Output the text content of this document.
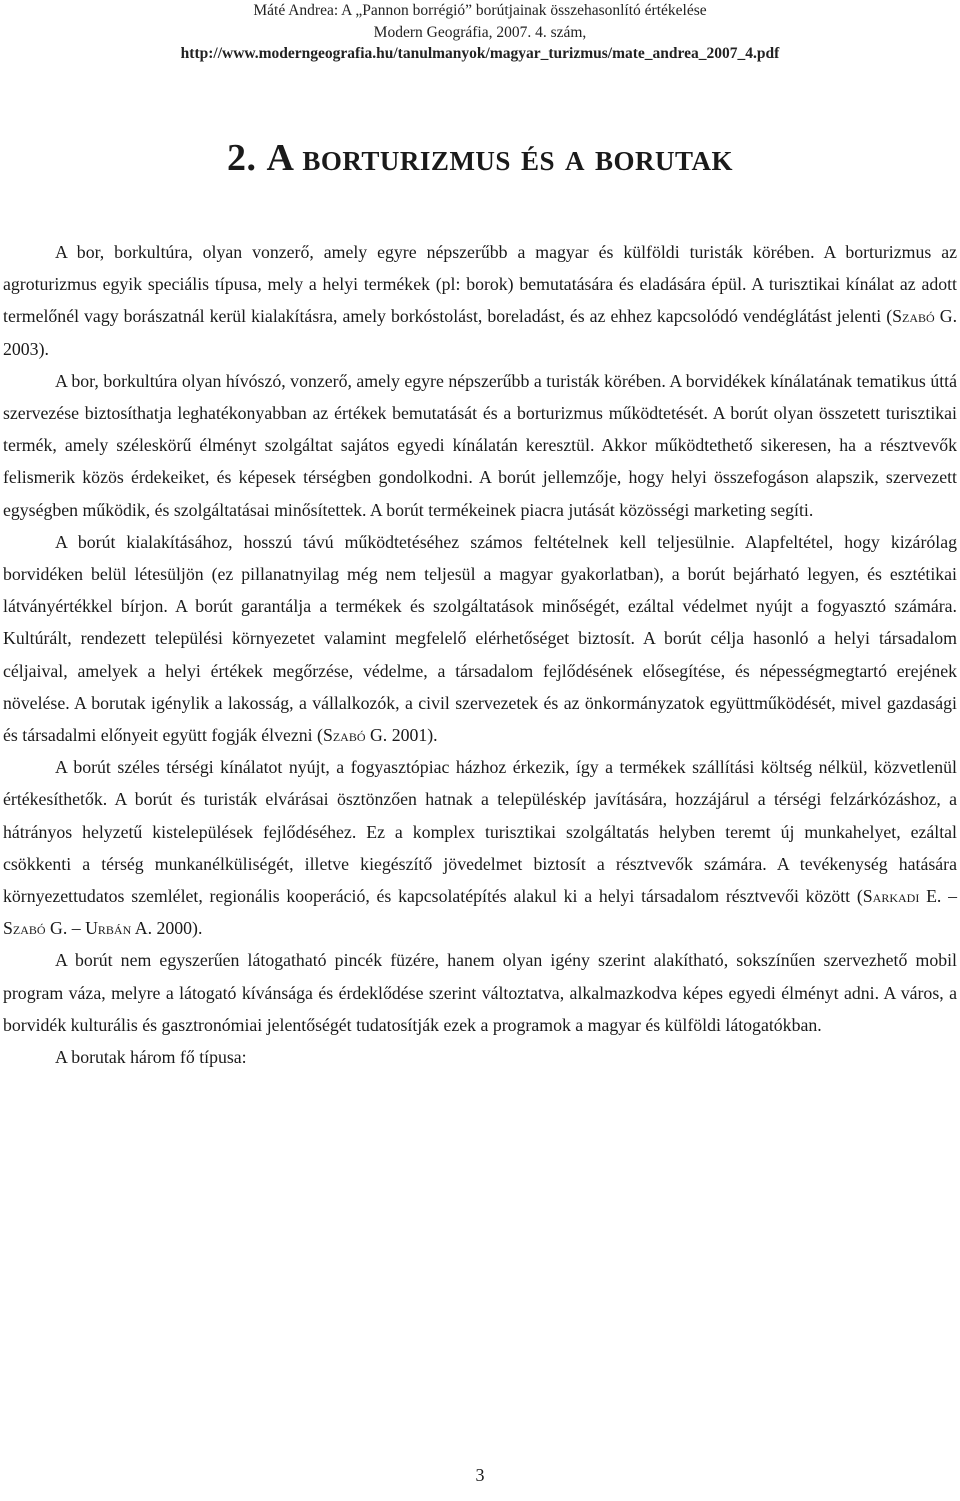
Máté Andrea: A „Pannon borrégió” borútjainak összehasonlító értékelése
Modern Geográfia, 2007. 4. szám,
http://www.moderngeografia.hu/tanulmanyok/magyar_turizmus/mate_andrea_2007_4.pdf
2. A borturizmus és a borutak

A bor, borkultúra, olyan vonzerő, amely egyre népszerűbb a magyar és külföldi turisták körében. A borturizmus az agroturizmus egyik speciális típusa, mely a helyi termékek (pl: borok) bemutatására és eladására épül. A turisztikai kínálat az adott termelőnél vagy borászatnál kerül kialakításra, amely borkóstolást, boreladást, és az ehhez kapcsolódó vendéglátást jelenti (Szabó G. 2003).

A bor, borkultúra olyan hívószó, vonzerő, amely egyre népszerűbb a turisták körében. A borvidékek kínálatának tematikus úttá szervezése biztosíthatja leghatékonyabban az értékek bemutatását és a borturizmus működtetését. A borút olyan összetett turisztikai termék, amely széleskörű élményt szolgáltat sajátos egyedi kínálatán keresztül. Akkor működtethető sikeresen, ha a résztvevők felismerik közös érdekeiket, és képesek térségben gondolkodni. A borút jellemzője, hogy helyi összefogáson alapszik, szervezett egységben működik, és szolgáltatásai minősítettek. A borút termékeinek piacra jutását közösségi marketing segíti.

A borút kialakításához, hosszú távú működtetéséhez számos feltételnek kell teljesülnie. Alapfeltétel, hogy kizárólag borvidéken belül létesüljön (ez pillanatnyilag még nem teljesül a magyar gyakorlatban), a borút bejárható legyen, és esztétikai látványértékkel bírjon. A borút garantálja a termékek és szolgáltatások minőségét, ezáltal védelmet nyújt a fogyasztó számára. Kultúrált, rendezett települési környezetet valamint megfelelő elérhetőséget biztosít. A borút célja hasonló a helyi társadalom céljaival, amelyek a helyi értékek megőrzése, védelme, a társadalom fejlődésének elősegítése, és népességmegtartó erejének növelése. A borutak igénylik a lakosság, a vállalkozók, a civil szervezetek és az önkormányzatok együttműködését, mivel gazdasági és társadalmi előnyeit együtt fogják élvezni (Szabó G. 2001).

A borút széles térségi kínálatot nyújt, a fogyasztópiac házhoz érkezik, így a termékek szállítási költség nélkül, közvetlenül értékesíthetők. A borút és turisták elvárásai ösztönzően hatnak a településkép javítására, hozzájárul a térségi felzárkózáshoz, a hátrányos helyzetű kistelepülések fejlődéséhez. Ez a komplex turisztikai szolgáltatás helyben teremt új munkahelyet, ezáltal csökkenti a térség munkanélküliségét, illetve kiegészítő jövedelmet biztosít a résztvevők számára. A tevékenység hatására környezettudatos szemlélet, regionális kooperáció, és kapcsolatépítés alakul ki a helyi társadalom résztvevői között (Sarkadi E. – Szabó G. – Urbán A. 2000).

A borút nem egyszerűen látogatható pincék füzére, hanem olyan igény szerint alakítható, sokszínűen szervezhető mobil program váza, melyre a látogató kívánsága és érdeklődése szerint változtatva, alkalmazkodva képes egyedi élményt adni. A város, a borvidék kulturális és gasztronómiai jelentőségét tudatosítják ezek a programok a magyar és külföldi látogatókban.

A borutak három fő típusa:

3
